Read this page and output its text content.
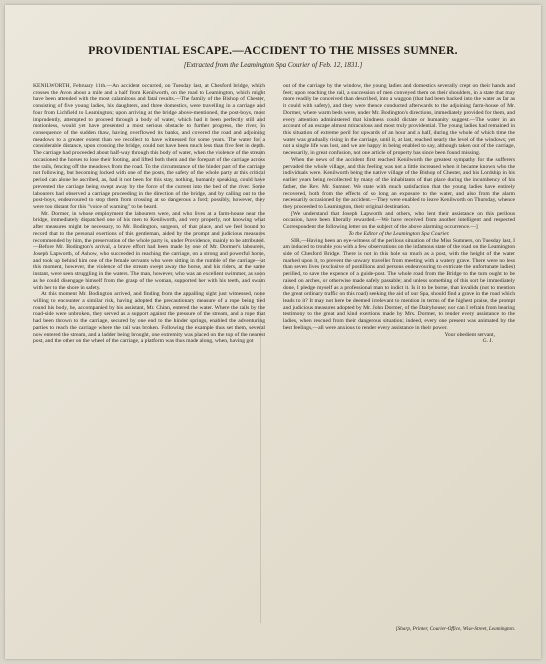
PROVIDENTIAL ESCAPE.—ACCIDENT TO THE MISSES SUMNER.
[Extracted from the Leamington Spa Courier of Feb. 12, 1831.]

KENILWORTH, February 11th.—An accident occurred, on Tuesday last, at Chesford bridge, which crosses the Avon about a mile and a half from Kenilworth, on the road to Leamington, which might have been attended with the most calamitous and fatal results.—The family of the Bishop of Chester, consisting of five young ladies, his daughters, and three domestics, were travelling in a carriage and four from Lichfield to Leamington; upon arriving at the bridge above-mentioned, the post-boys, most imprudently, attempted to proceed through a body of water, which had it been perfectly still and motionless, would yet have presented a most serious obstacle to further progress, the river, in consequence of the sudden thaw, having overflowed its banks, and covered the road and adjoining meadows to a greater extent than we recollect to have witnessed for some years. The water for a considerable distance, upon crossing the bridge, could not have been much less than five feet in depth. The carriage had proceeded about half-way through this body of water, when the violence of the stream occasioned the horses to lose their footing, and lifted both them and the forepart of the carriage across the rails, fencing off the meadows from the road. To the circumstance of the hinder part of the carriage not following, but becoming locked with one of the posts, the safety of the whole party at this critical period can alone be ascribed, as, had it not been for this stay, nothing, humanly speaking, could have prevented the carriage being swept away by the force of the current into the bed of the river. Some labourers had observed a carriage proceeding in the direction of the bridge, and by calling out to the post-boys, endeavoured to stop them from crossing at so dangerous a ford; possibly, however, they were too distant for this "voice of warning" to be heard.

Mr. Dormer, in whose employment the labourers were, and who lives at a farm-house near the bridge, immediately dispatched one of his men to Kenilworth, and very properly, not knowing what after measures might be necessary, to Mr. Bodington, surgeon, of that place, and we feel bound to record that to the personal exertions of this gentleman, aided by the prompt and judicious measures recommended by him, the preservation of the whole party is, under Providence, mainly to be attributed.—Before Mr. Bodington's arrival, a brave effort had been made by one of Mr. Dormer's labourers, Joseph Lapworth, of Ashow, who succeeded in reaching the carriage, on a strong and powerful horse, and took up behind him one of the female servants who were sitting in the rumble of the carriage—at this moment, however, the violence of the stream swept away the horse, and his riders, at the same instant, were seen struggling in the waters. The man, however, who was an excellent swimmer, as soon as he could disengage himself from the grasp of the woman, supported her with his teeth, and swam with her to the shore in safety.

At this moment Mr. Bodington arrived, and finding from the appalling sight just witnessed, none willing to encounter a similar risk, having adopted the precautionary measure of a rope being tied round his body, he, accompanied by his assistant, Mr. Chinn, entered the water. Where the rails by the road-side were unbroken, they served as a support against the pressure of the stream, and a rope that had been thrown to the carriage, secured by one end to the hinder springs, enabled the adventuring parties to reach the carriage where the rail was broken. Following the example thus set them, several now entered the stream, and a ladder being brought, one extremity was placed on the top of the nearest post, and the other on the wheel of the carriage, a platform was thus made along, when, having got

out of the carriage by the window, the young ladies and domestics severally crept on their hands and feet; upon reaching the rail, a succession of men conveyed them on their shoulders, in a state that may more readily be conceived than described, into a waggon (that had been backed into the water as far as it could with safety), and they were thence conducted afterwards to the adjoining farm-house of Mr. Dormer, where warm beds were, under Mr. Bodington's directions, immediately provided for them, and every attention administered that kindness could dictate or humanity suggest.—The water in an account of an escape almost miraculous and most truly providential. The young ladies had remained in this situation of extreme peril for upwards of an hour and a half, during the whole of which time the water was gradually rising in the carriage, until it, at last, reached nearly the level of the windows; yet not a single life was lost, and we are happy in being enabled to say, although taken out of the carriage, necessarily, in great confusion, not one article of property has since been found missing.

When the news of the accident first reached Kenilworth the greatest sympathy for the sufferers pervaded the whole village, and this feeling was not a little increased when it became known who the individuals were. Kenilworth being the native village of the Bishop of Chester, and his Lordship in his earlier years being recollected by many of the inhabitants of that place during the incumbency of his father, the Rev. Mr. Sumner. We state with much satisfaction that the young ladies have entirely recovered, both from the effects of so long an exposure to the water, and also from the alarm necessarily occasioned by the accident.—They were enabled to leave Kenilworth on Thursday, whence they proceeded to Leamington, their original destination.

[We understand that Joseph Lapworth and others, who lent their assistance on this perilous occasion, have been liberally rewarded.—We have received from another intelligent and respected Correspondent the following letter on the subject of the above alarming occurrence.—]

To the Editor of the Leamington Spa Courier.

SIR,—Having been an eye-witness of the perilous situation of the Miss Sumners, on Tuesday last, I am induced to trouble you with a few observations on the infamous state of the road on the Leamington side of Chesford Bridge. There is not in this hole so much as a post, with the height of the water marked upon it, to prevent the unwary traveller from meeting with a watery grave. There were no less than seven lives (exclusive of postillions and persons endeavouring to extricate the unfortunate ladies) perilled, to save the expence of a guide-post. The whole road from the Bridge to the turn ought to be raised on arches, or otherwise made safely passable; and unless something of this sort be immediately done, I pledge myself as a professional man to indict it. Is it to be borne, that invalids (not to mention the great ordinary traffic on this road) seeking the aid of our Spa, should find a grave in the road which leads to it? It may not here be deemed irrelevant to mention in terms of the highest praise, the prompt and judicious measures adopted by Mr. John Dormer, of the Dairyhouse; nor can I refrain from bearing testimony to the great and kind exertions made by Mrs. Dormer, to render every assistance to the ladies, when rescued from their dangerous situation; indeed, every one present was animated by the best feelings,—all were anxious to render every assistance in their power.

Your obedient servant,

G. J.

[Sharp, Printer, Courier-Office, Wise-Street, Leamington.
